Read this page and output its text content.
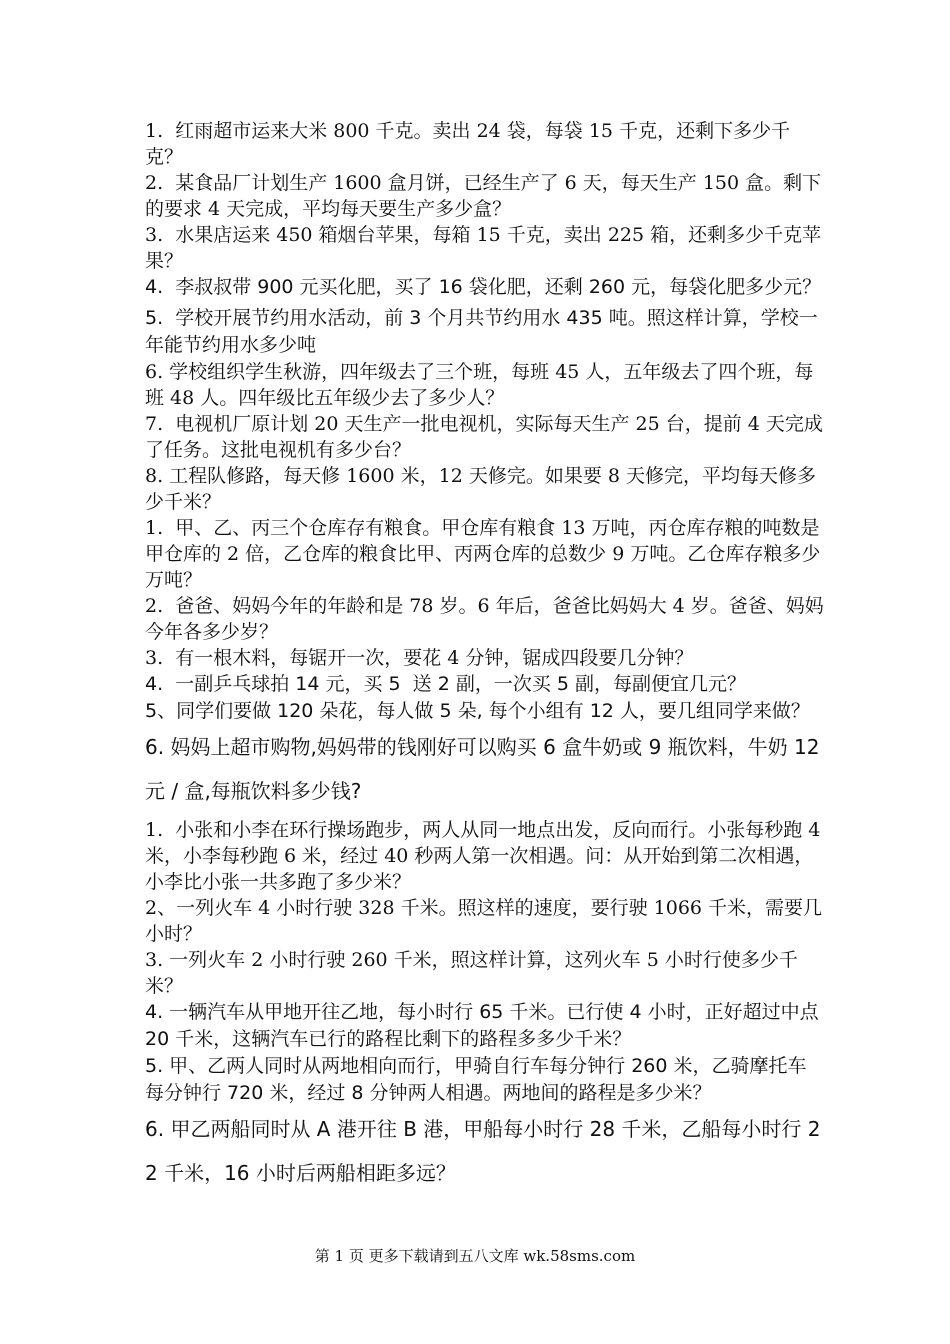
1.  红雨超市运来大米 800 千克。卖出 24 袋，每袋 15 千克，还剩下多少千克？
2.  某食品厂计划生产 1600 盒月饼，已经生产了 6 天，每天生产 150 盒。剩下的要求 4 天完成，平均每天要生产多少盒？
3.  水果店运来 450 箱烟台苹果，每箱 15 千克，卖出 225 箱，还剩多少千克苹果？
4.  李叔叔带 900 元买化肥，买了 16 袋化肥，还剩 260 元，每袋化肥多少元？
5.  学校开展节约用水活动，前 3 个月共节约用水 435 吨。照这样计算，学校一年能节约用水多少吨
6. 学校组织学生秋游，四年级去了三个班，每班 45 人，五年级去了四个班，每班 48 人。四年级比五年级少去了多少人？
7.  电视机厂原计划 20 天生产一批电视机，实际每天生产 25 台，提前 4 天完成了任务。这批电视机有多少台？
8. 工程队修路，每天修 1600 米，12 天修完。如果要 8 天修完，平均每天修多少千米？
1.  甲、乙、丙三个仓库存有粮食。甲仓库有粮食 13 万吨，丙仓库存粮的吨数是甲仓库的 2 倍，乙仓库的粮食比甲、丙两仓库的总数少 9 万吨。乙仓库存粮多少万吨？
2.  爸爸、妈妈今年的年龄和是 78 岁。6 年后，爸爸比妈妈大 4 岁。爸爸、妈妈今年各多少岁？
3.  有一根木料，每锯开一次，要花 4 分钟，锯成四段要几分钟？
4.  一副乒乓球拍 14 元，买 5  送 2 副，一次买 5 副，每副便宜几元？
5、同学们要做 120 朵花，每人做 5 朵, 每个小组有 12 人，要几组同学来做？
6. 妈妈上超市购物,妈妈带的钱刚好可以购买 6 盒牛奶或 9 瓶饮料，牛奶 12 元 / 盒,每瓶饮料多少钱?
1.  小张和小李在环行操场跑步，两人从同一地点出发，反向而行。小张每秒跑 4 米，小李每秒跑 6 米，经过 40 秒两人第一次相遇。问：从开始到第二次相遇，小李比小张一共多跑了多少米？
2、一列火车 4 小时行驶 328 千米。照这样的速度，要行驶 1066 千米，需要几小时？
3. 一列火车 2 小时行驶 260 千米，照这样计算，这列火车 5 小时行使多少千米？
4. 一辆汽车从甲地开往乙地，每小时行 65 千米。已行使 4 小时，正好超过中点 20 千米，这辆汽车已行的路程比剩下的路程多多少千米？
5. 甲、乙两人同时从两地相向而行，甲骑自行车每分钟行 260 米，乙骑摩托车每分钟行 720 米，经过 8 分钟两人相遇。两地间的路程是多少米？
6. 甲乙两船同时从 A 港开往 B 港，甲船每小时行 28 千米，乙船每小时行 22 千米，16 小时后两船相距多远？
第 1 页 更多下载请到五八文库 wk.58sms.com
